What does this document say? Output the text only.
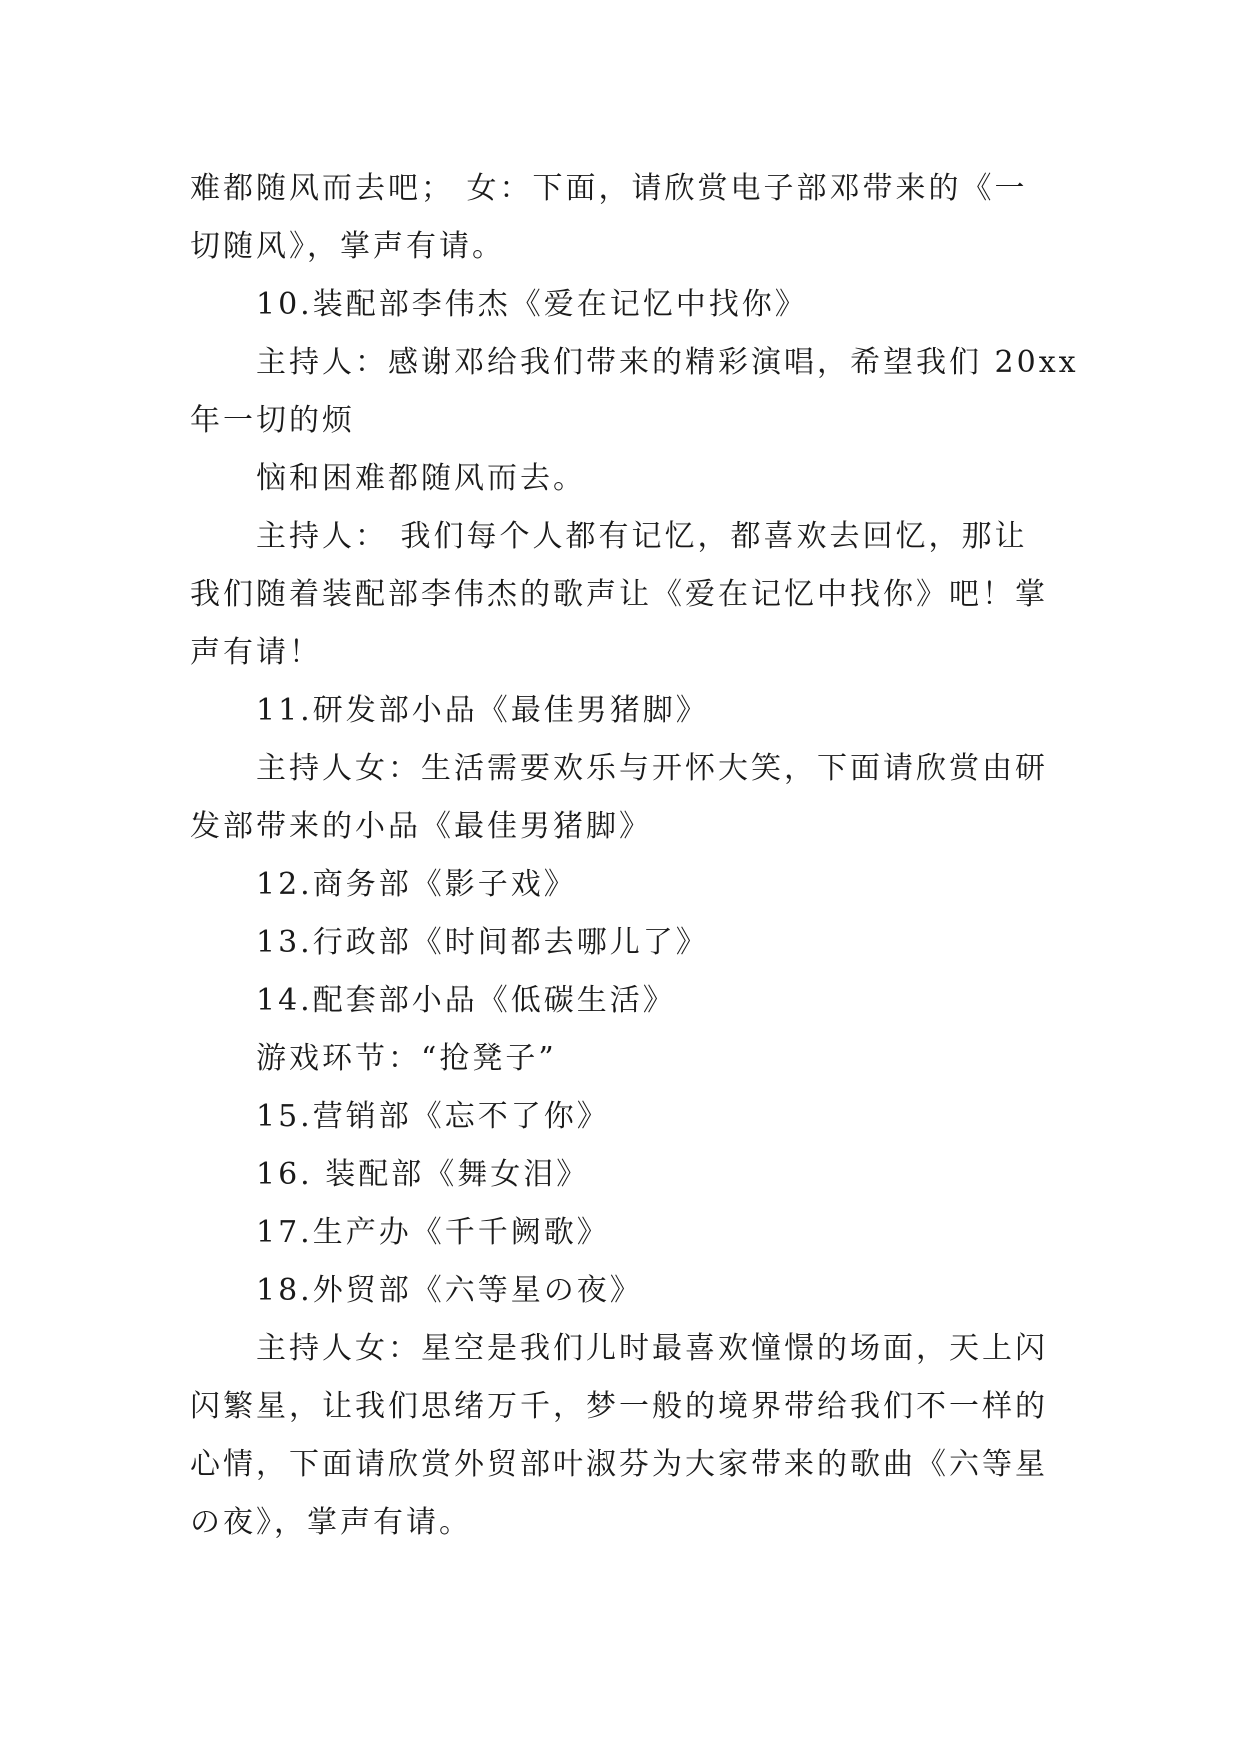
难都随风而去吧； 女：下面，请欣赏电子部邓带来的《一
切随风》，掌声有请。
10.装配部李伟杰《爱在记忆中找你》
主持人：感谢邓给我们带来的精彩演唱，希望我们 20xx
年一切的烦
恼和困难都随风而去。
主持人： 我们每个人都有记忆，都喜欢去回忆，那让
我们随着装配部李伟杰的歌声让《爱在记忆中找你》吧！掌
声有请！
11.研发部小品《最佳男猪脚》
主持人女：生活需要欢乐与开怀大笑，下面请欣赏由研
发部带来的小品《最佳男猪脚》
12.商务部《影子戏》
13.行政部《时间都去哪儿了》
14.配套部小品《低碳生活》
游戏环节：“抢凳子”
15.营销部《忘不了你》
16. 装配部《舞女泪》
17.生产办《千千阙歌》
18.外贸部《六等星の夜》
主持人女：星空是我们儿时最喜欢憧憬的场面，天上闪
闪繁星，让我们思绪万千，梦一般的境界带给我们不一样的
心情，下面请欣赏外贸部叶淑芬为大家带来的歌曲《六等星
の夜》，掌声有请。
